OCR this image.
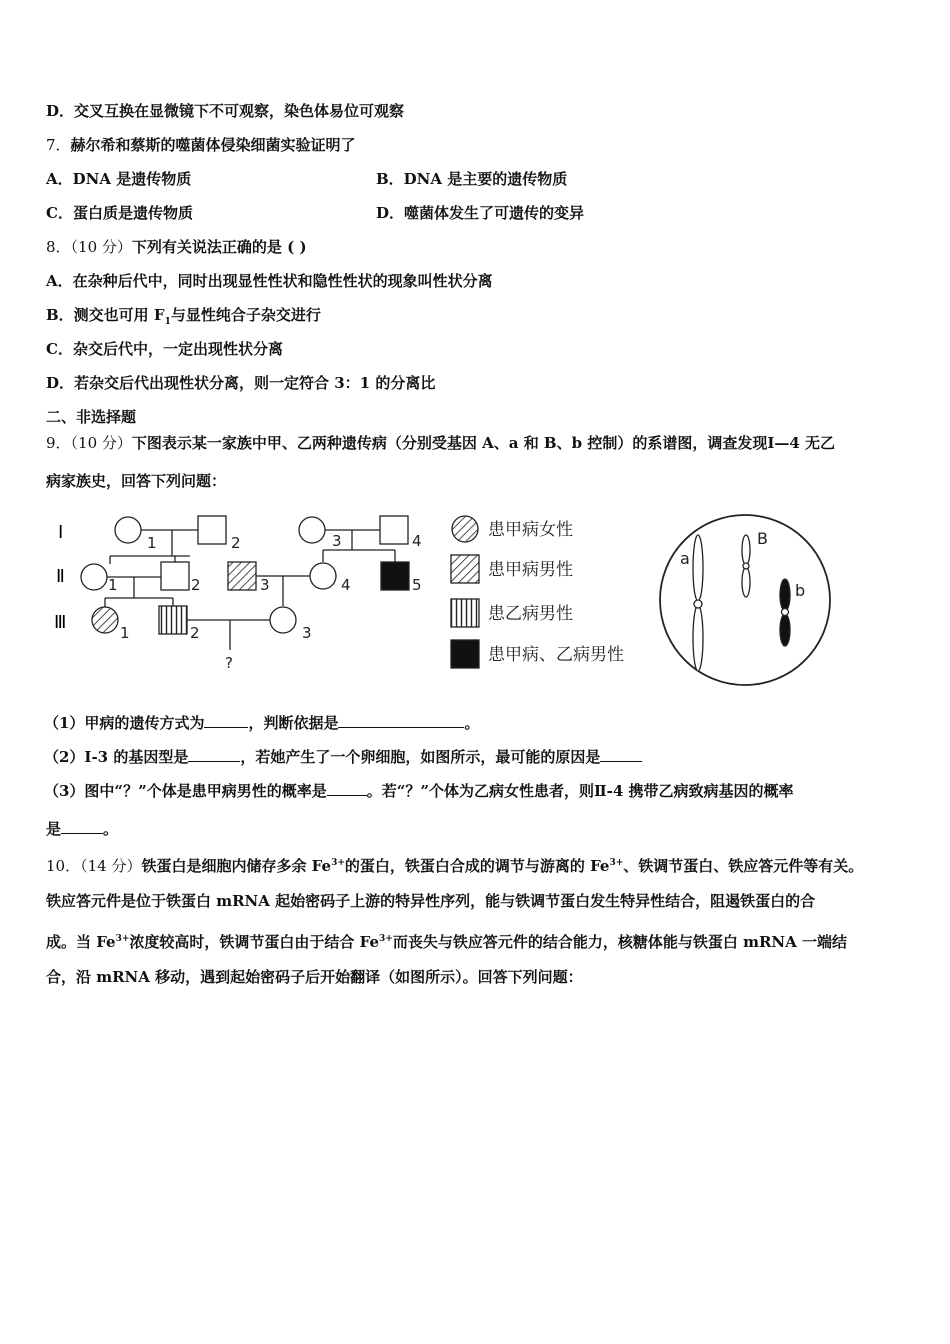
D．交叉互换在显微镜下不可观察，染色体易位可观察
7．赫尔希和蔡斯的噬菌体侵染细菌实验证明了
A．DNA 是遗传物质	B．DNA 是主要的遗传物质
C．蛋白质是遗传物质	D．噬菌体发生了可遗传的变异
8．（10 分）下列有关说法正确的是 ( )
A．在杂种后代中，同时出现显性性状和隐性性状的现象叫性状分离
B．测交也可用 $F_1$与显性纯合子杂交进行
C．杂交后代中，一定出现性状分离
D．若杂交后代出现性状分离，则一定符合 3：1 的分离比
二、非选择题
9．（10 分）下图表示某一家族中甲、乙两种遗传病（分别受基因 A、a 和 B、b 控制）的系谱图，调查发现Ⅰ—4 无乙
病家族史，回答下列问题：
Ⅰ
Ⅱ
Ⅲ
1	2	3	4
1	2	3	4	5
1	2	3
?
患甲病女性
患甲病男性
患乙病男性
患甲病、乙病男性
a
B
b
（1）甲病的遗传方式为	，判断依据是	。
（2）Ⅰ-3 的基因型是	，若她产生了一个卵细胞，如图所示，最可能的原因是
（3）图中“？”个体是患甲病男性的概率是	。若“？”个体为乙病女性患者，则Ⅱ-4 携带乙病致病基因的概率
是	。
10．（14 分）铁蛋白是细胞内储存多余 $Fe^{3+}$的蛋白，铁蛋白合成的调节与游离的 $Fe^{3+}$、铁调节蛋白、铁应答元件等有关。
铁应答元件是位于铁蛋白 mRNA 起始密码子上游的特异性序列，能与铁调节蛋白发生特异性结合，阻遏铁蛋白的合
成。当 $Fe^{3+}$浓度较高时，铁调节蛋白由于结合 $Fe^{3+}$而丧失与铁应答元件的结合能力，核糖体能与铁蛋白 mRNA 一端结
合，沿 mRNA 移动，遇到起始密码子后开始翻译（如图所示）。回答下列问题：
